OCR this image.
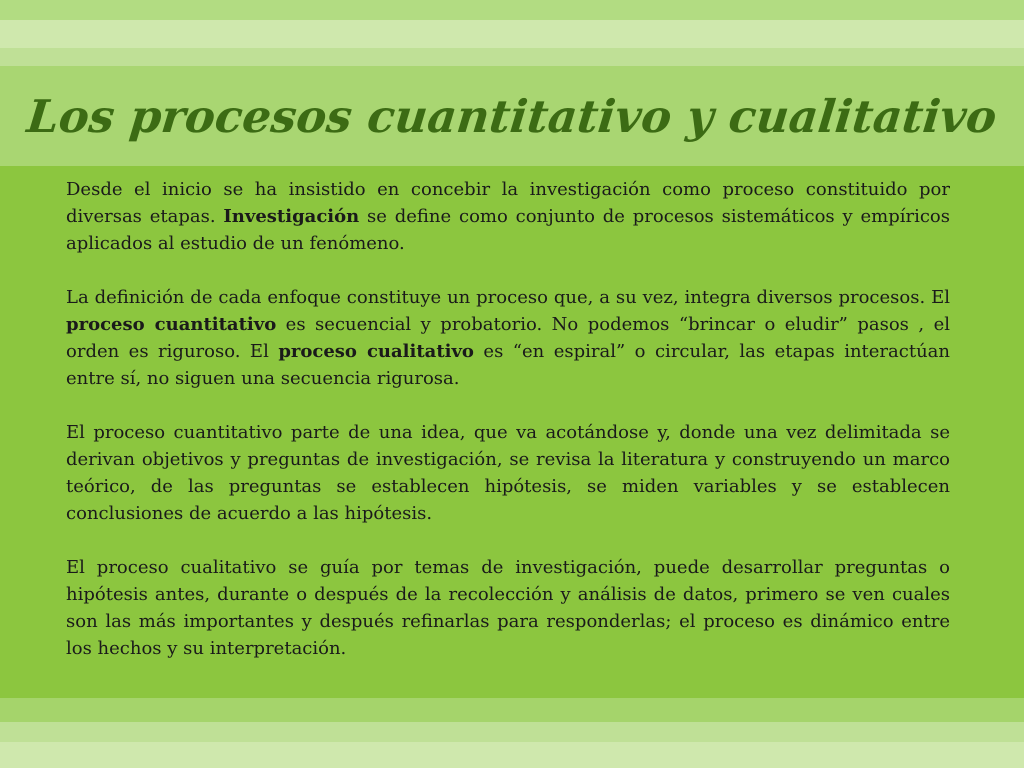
Los procesos cuantitativo y cualitativo

Desde el inicio se ha insistido en concebir la investigación como proceso constituido por diversas etapas. Investigación se define como conjunto de procesos sistemáticos y empíricos aplicados al estudio de un fenómeno.

La definición de cada enfoque constituye un proceso que, a su vez, integra diversos procesos. El proceso cuantitativo es secuencial y probatorio. No podemos “brincar o eludir” pasos , el orden es riguroso. El proceso cualitativo es “en espiral” o circular, las etapas interactúan entre sí, no siguen una secuencia rigurosa.

El proceso cuantitativo parte de una idea, que va acotándose y, donde una vez delimitada se derivan objetivos y preguntas de investigación, se revisa la literatura y construyendo un marco teórico, de las preguntas se establecen hipótesis, se miden variables y se establecen conclusiones de acuerdo a las hipótesis.

El proceso cualitativo se guía por temas de investigación, puede desarrollar preguntas o hipótesis antes, durante o después de la recolección y análisis de datos, primero se ven cuales son las más importantes y después refinarlas para responderlas; el proceso es dinámico entre los hechos y su interpretación.
